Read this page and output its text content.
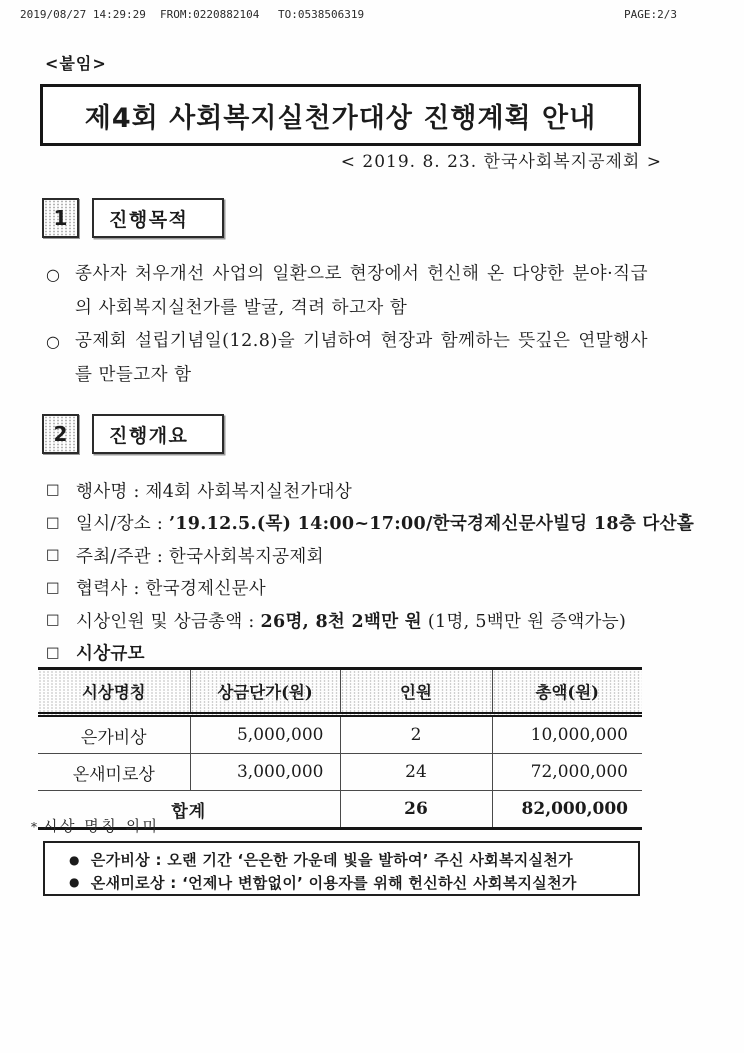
2019/08/27 14:29:29 FROM:0220882104 TO:0538506319	PAGE:2/3
<붙임>
제4회 사회복지실천가대상 진행계획 안내
< 2019. 8. 23. 한국사회복지공제회 >
1	진행목적
○ 종사자 처우개선 사업의 일환으로 현장에서 헌신해 온 다양한 분야·직급의 사회복지실천가를 발굴, 격려 하고자 함
○ 공제회 설립기념일(12.8)을 기념하여 현장과 함께하는 뜻깊은 연말행사를 만들고자 함
2	진행개요
□ 행사명 : 제4회 사회복지실천가대상
□ 일시/장소 : ’19.12.5.(목) 14:00~17:00/한국경제신문사빌딩 18층 다산홀
□ 주최/주관 : 한국사회복지공제회
□ 협력사 : 한국경제신문사
□ 시상인원 및 상금총액 : 26명, 8천 2백만 원 (1명, 5백만 원 증액가능)
□ 시상규모
시상명칭	상금단가(원)	인원	총액(원)
은가비상	5,000,000	2	10,000,000
온새미로상	3,000,000	24	72,000,000
합계		26	82,000,000
* 시상 명칭 의미
● 은가비상 : 오랜 기간 ‘은은한 가운데 빛을 발하여’ 주신 사회복지실천가
● 온새미로상 : ‘언제나 변함없이’ 이용자를 위해 헌신하신 사회복지실천가
